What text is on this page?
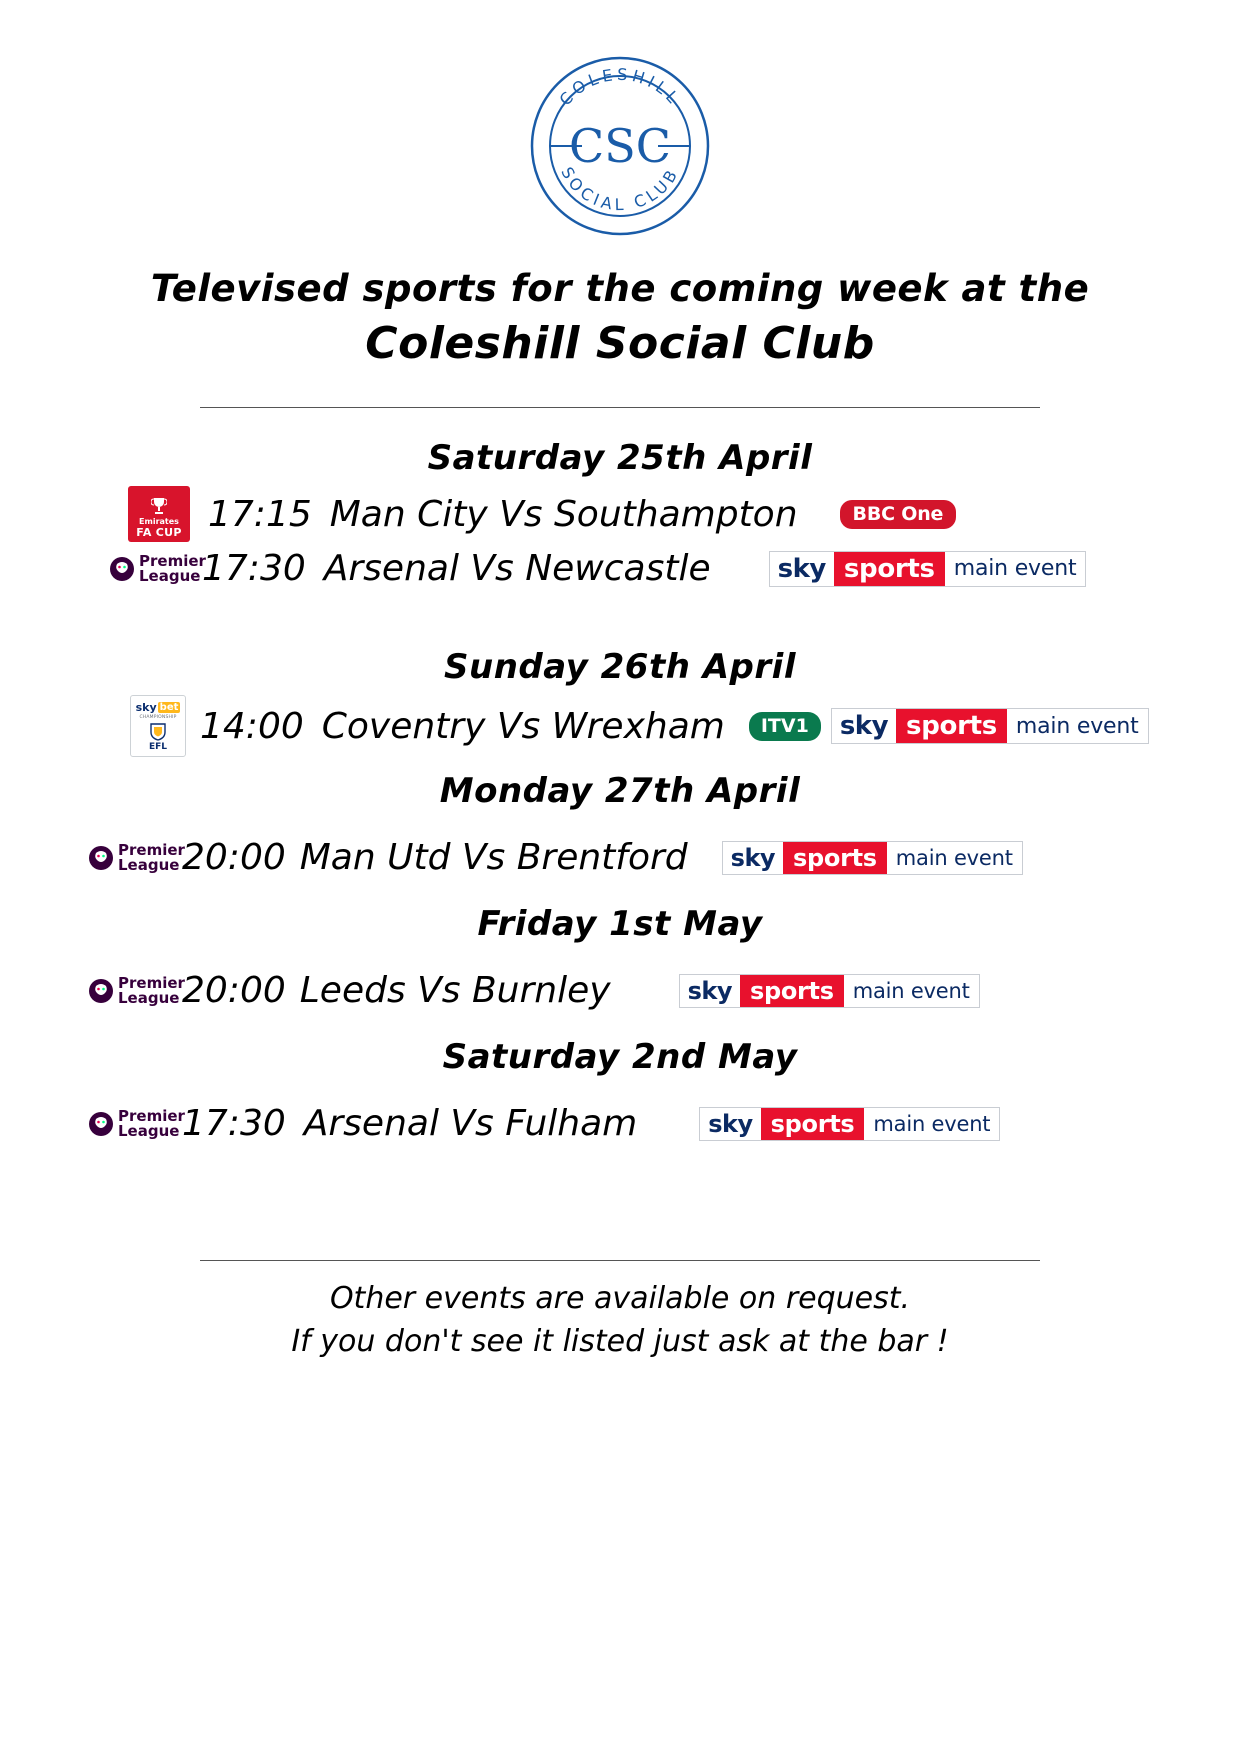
CSC
COLESHILL
SOCIAL CLUB
Televised sports for the coming week at the
Coleshill Social Club
Saturday 25th April
Emirates
FA CUP 17:15 Man City Vs Southampton	BBC One
Premier
League 17:30 Arsenal Vs Newcastle	sky sports main event
Sunday 26th April
sky bet
CHAMPIONSHIP
EFL 14:00 Coventry Vs Wrexham	ITV1	sky sports main event
Monday 27th April
Premier
League 20:00 Man Utd Vs Brentford	sky sports main event
Friday 1st May
Premier
League 20:00 Leeds Vs Burnley	sky sports main event
Saturday 2nd May
Premier
League 17:30 Arsenal Vs Fulham	sky sports main event
Other events are available on request.
If you don't see it listed just ask at the bar !
